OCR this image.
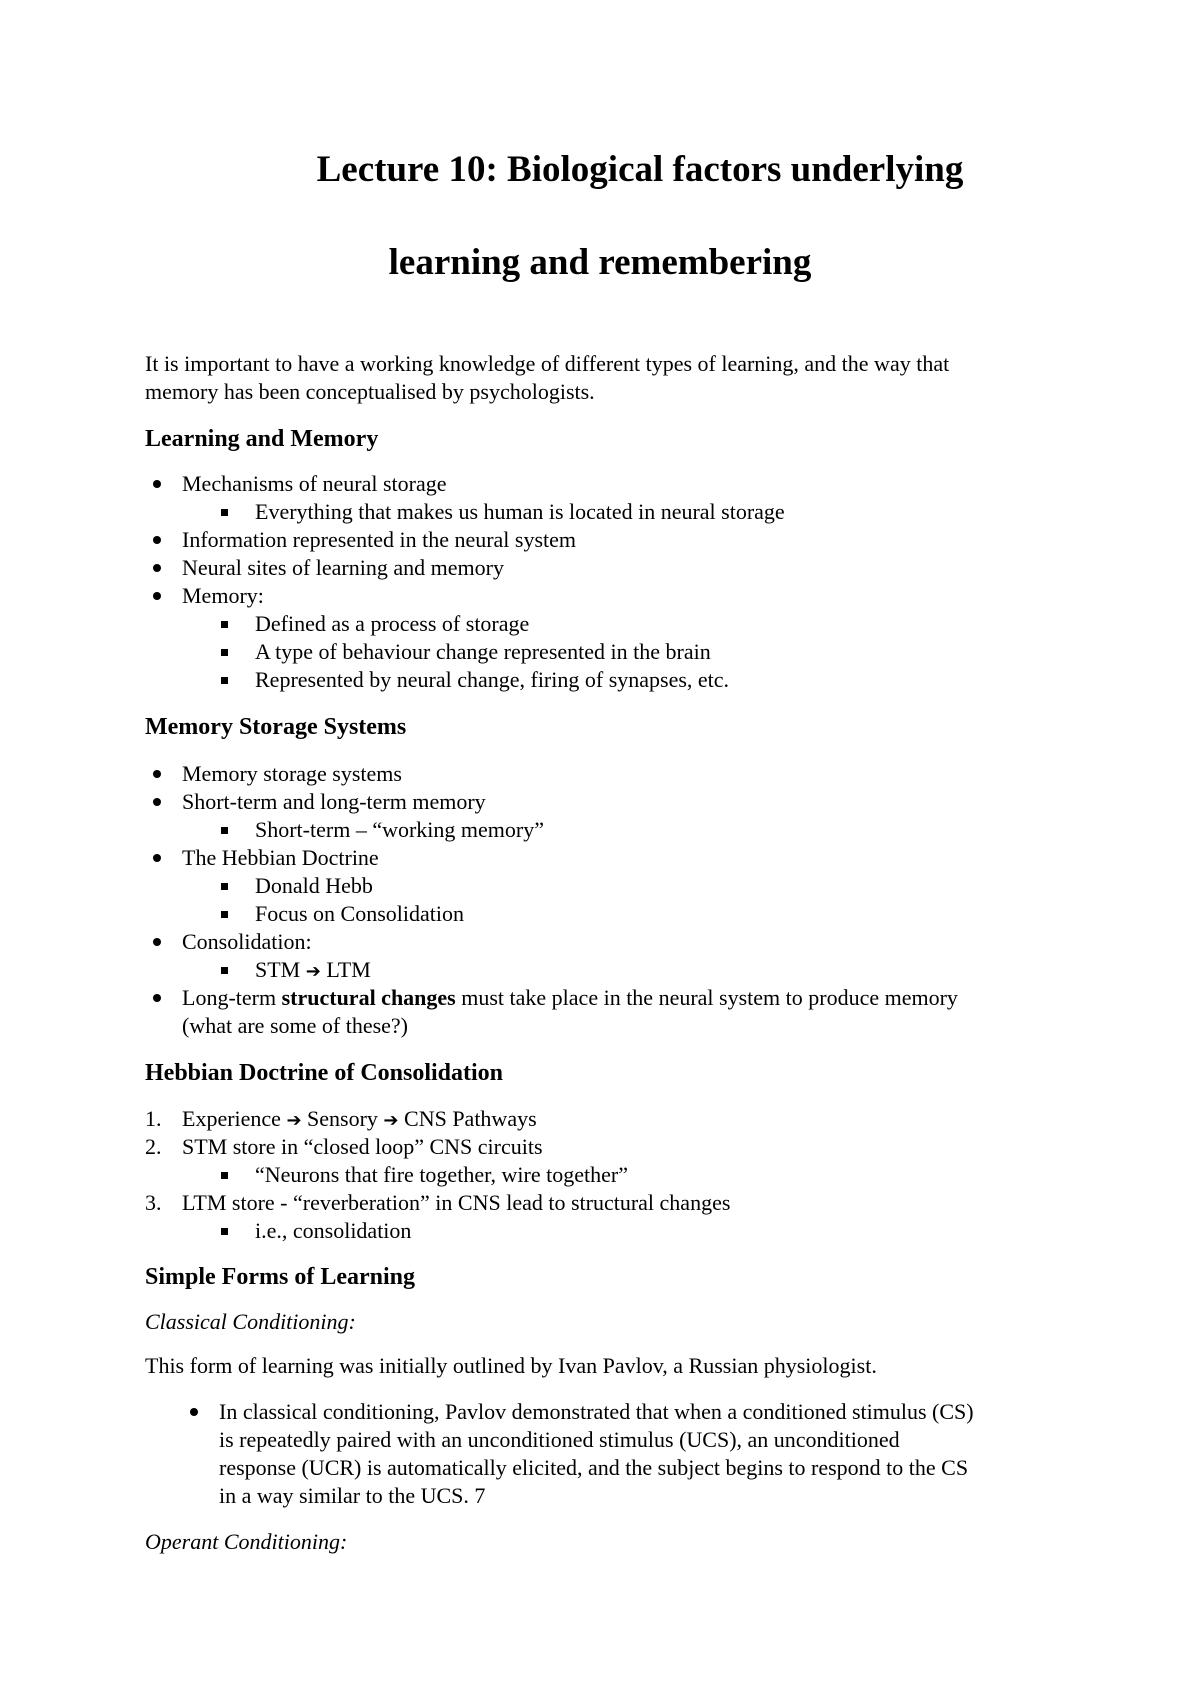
Lecture 10: Biological factors underlying
learning and remembering

It is important to have a working knowledge of different types of learning, and the way that

memory has been conceptualised by psychologists.

Learning and Memory
Mechanisms of neural storage
Everything that makes us human is located in neural storage
Information represented in the neural system
Neural sites of learning and memory
Memory:
Defined as a process of storage
A type of behaviour change represented in the brain
Represented by neural change, firing of synapses, etc.
Memory Storage Systems
Memory storage systems
Short-term and long-term memory
Short-term – “working memory”
The Hebbian Doctrine
Donald Hebb
Focus on Consolidation
Consolidation:
STM ➔ LTM
Long-term structural changes must take place in the neural system to produce memory
(what are some of these?)
Hebbian Doctrine of Consolidation
1. Experience ➔ Sensory ➔ CNS Pathways
2. STM store in “closed loop” CNS circuits
“Neurons that fire together, wire together”
3. LTM store - “reverberation” in CNS lead to structural changes
i.e., consolidation
Simple Forms of Learning

Classical Conditioning:

This form of learning was initially outlined by Ivan Pavlov, a Russian physiologist.

In classical conditioning, Pavlov demonstrated that when a conditioned stimulus (CS)

is repeatedly paired with an unconditioned stimulus (UCS), an unconditioned

response (UCR) is automatically elicited, and the subject begins to respond to the CS

in a way similar to the UCS. 7

Operant Conditioning:
